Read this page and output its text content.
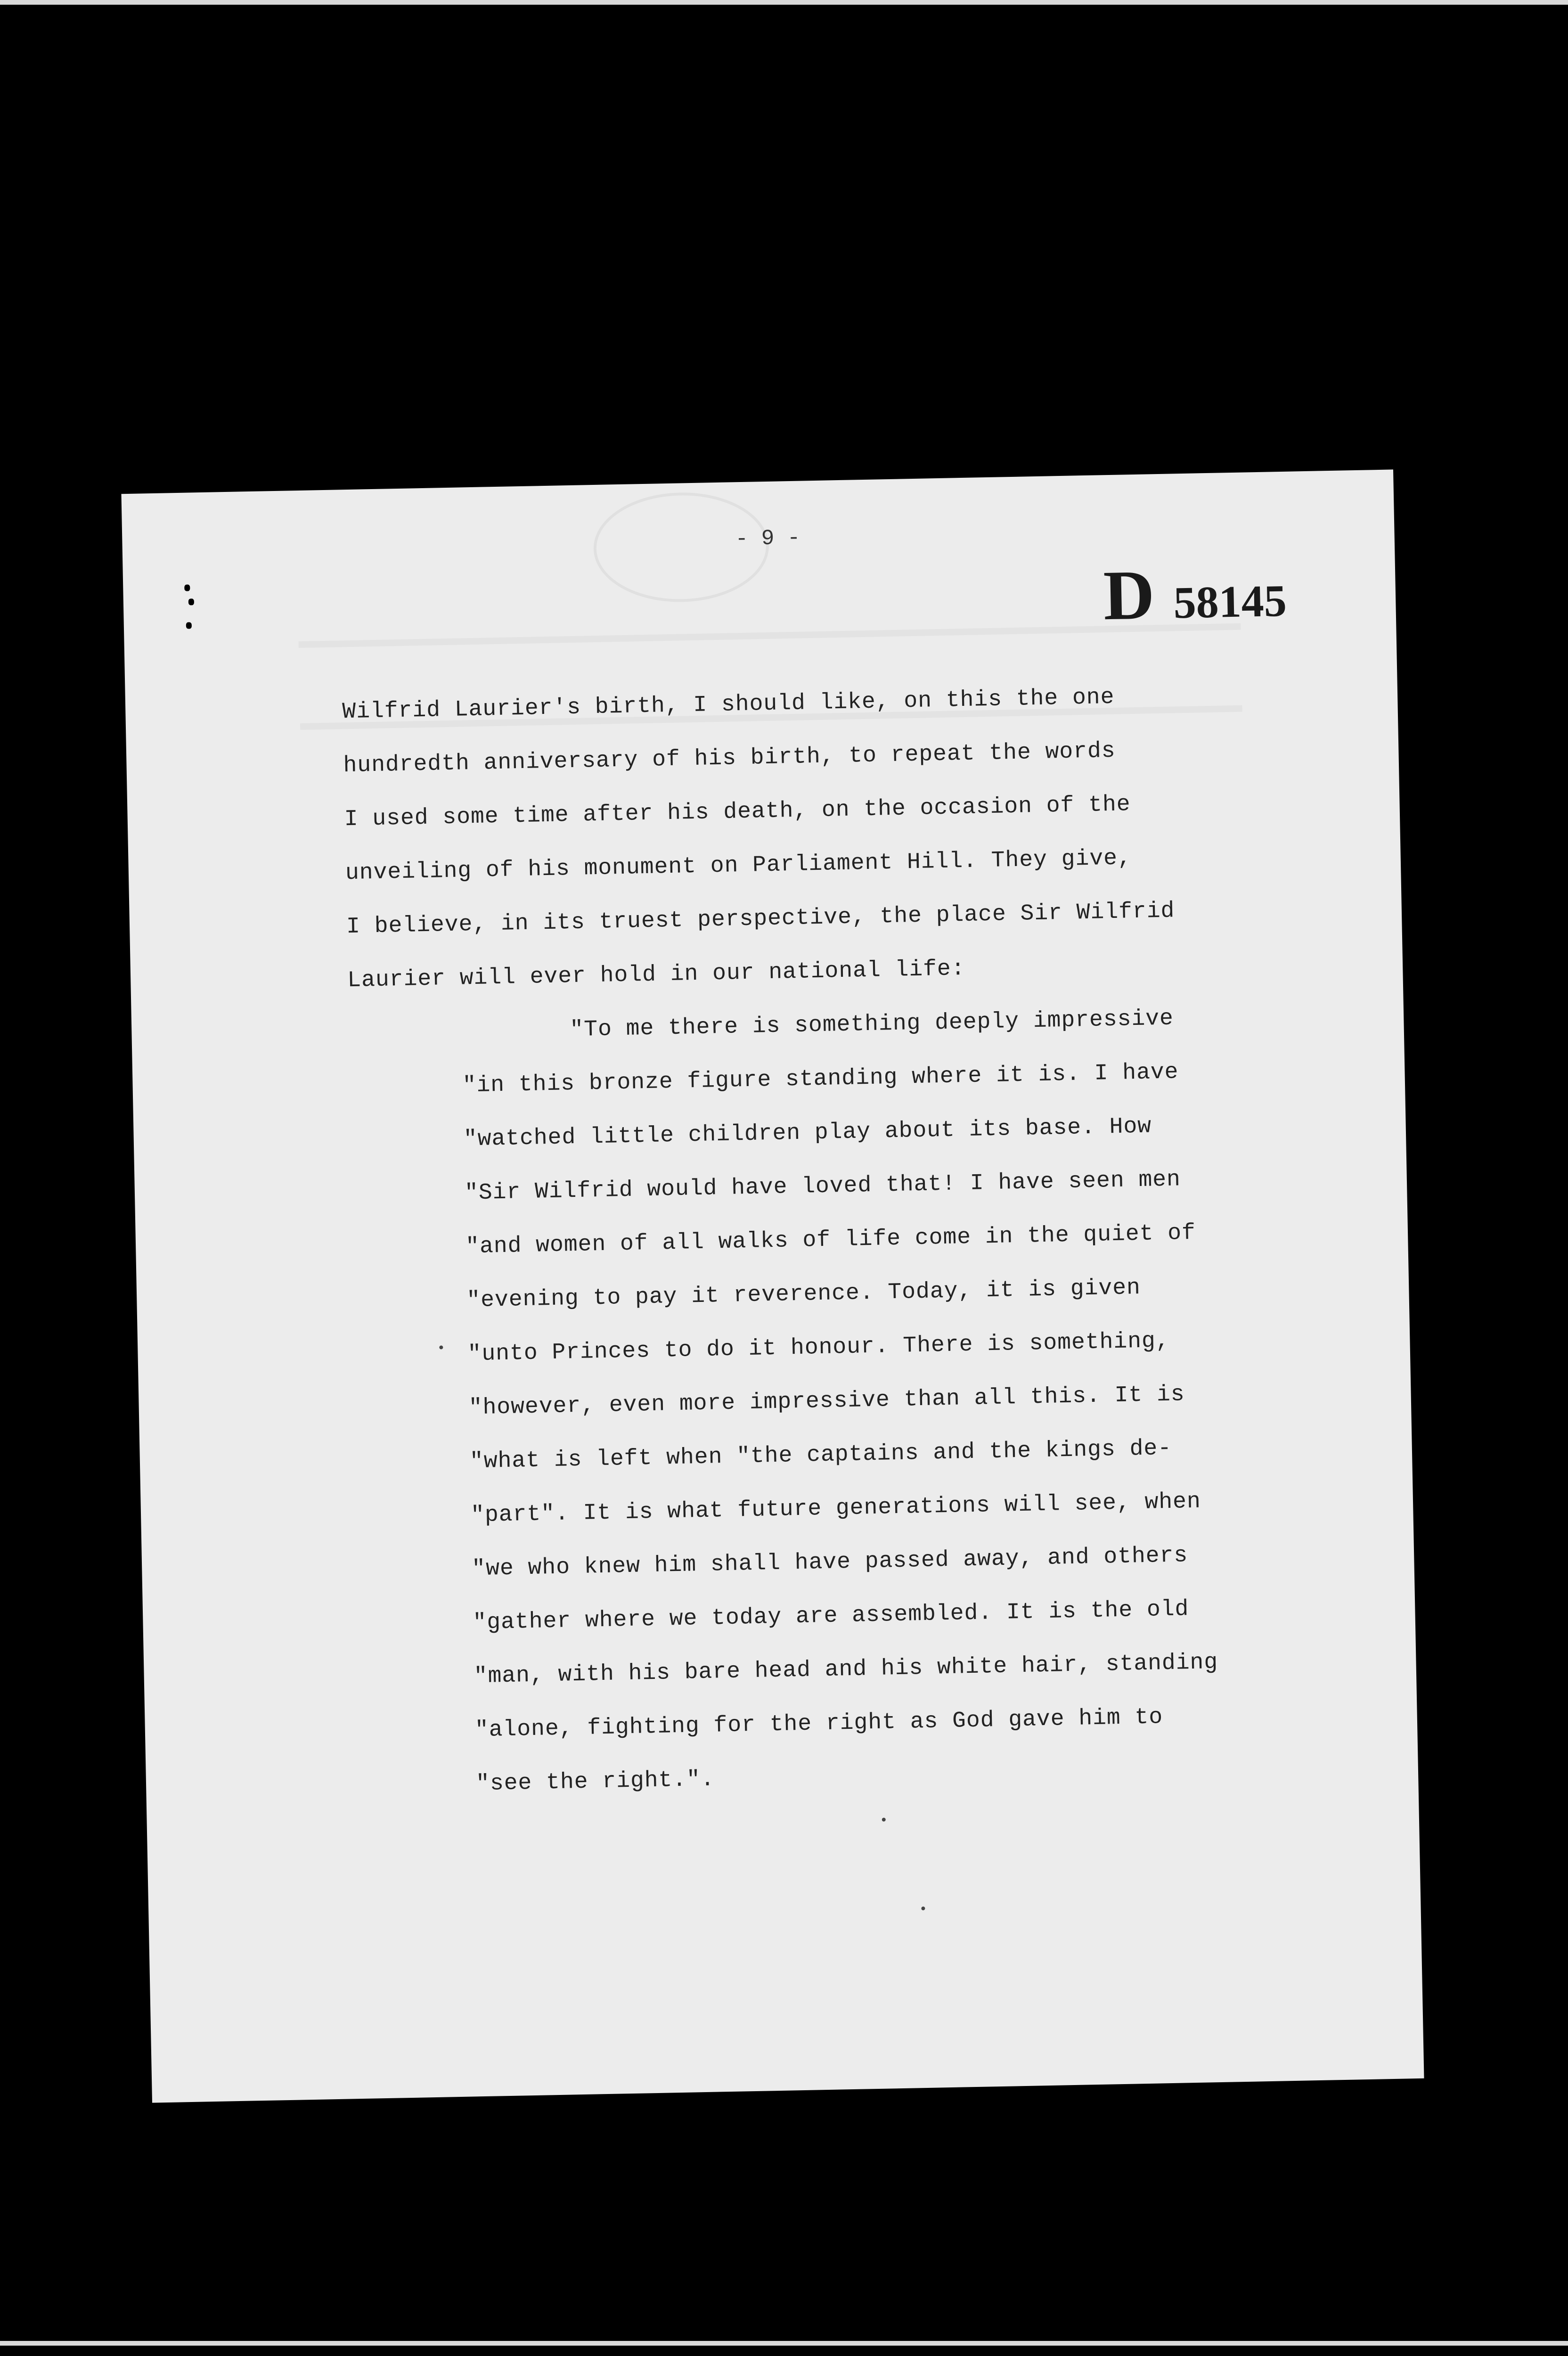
- 9 -
D 58145
Wilfrid Laurier's birth, I should like, on this the one
hundredth anniversary of his birth, to repeat the words
I used some time after his death, on the occasion of the
unveiling of his monument on Parliament Hill. They give,
I believe, in its truest perspective, the place Sir Wilfrid
Laurier will ever hold in our national life:
"To me there is something deeply impressive
"in this bronze figure standing where it is. I have
"watched little children play about its base. How
"Sir Wilfrid would have loved that! I have seen men
"and women of all walks of life come in the quiet of
"evening to pay it reverence. Today, it is given
"unto Princes to do it honour. There is something,
"however, even more impressive than all this. It is
"what is left when "the captains and the kings de-
"part". It is what future generations will see, when
"we who knew him shall have passed away, and others
"gather where we today are assembled. It is the old
"man, with his bare head and his white hair, standing
"alone, fighting for the right as God gave him to
"see the right.".
